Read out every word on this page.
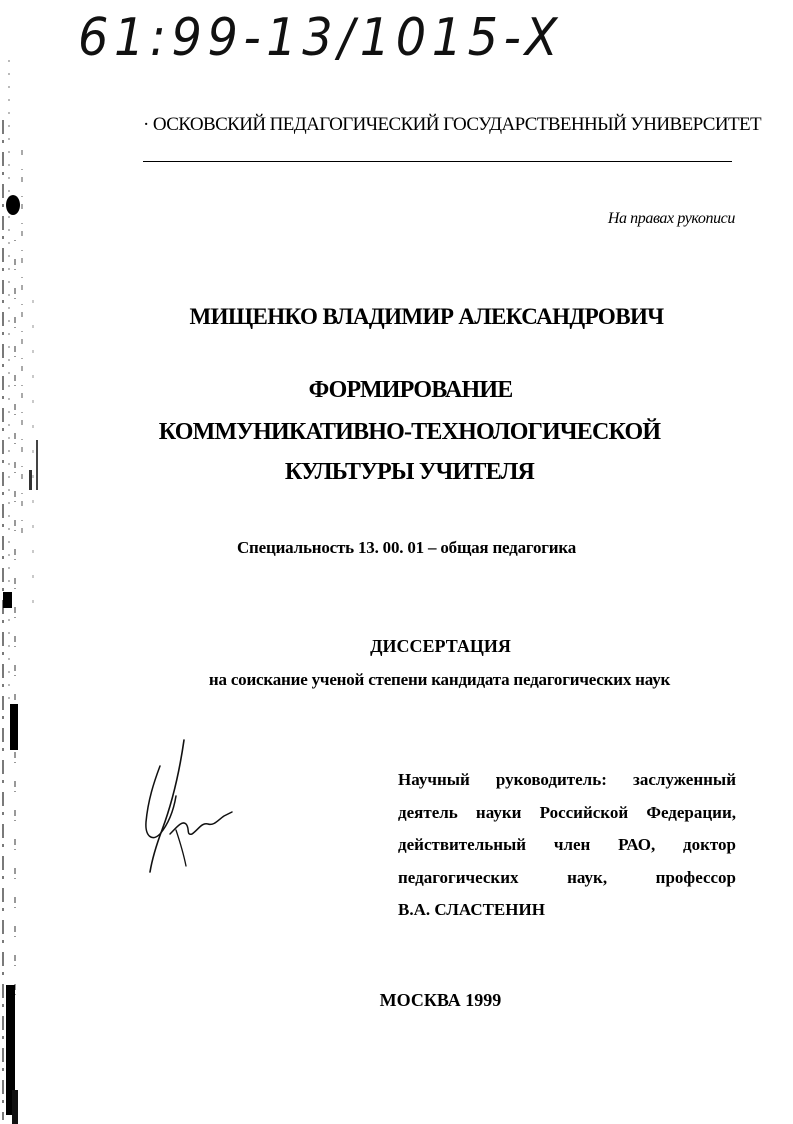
61:99-13/1015-X
· ОСКОВСКИЙ ПЕДАГОГИЧЕСКИЙ ГОСУДАРСТВЕННЫЙ УНИВЕРСИТЕТ
На правах рукописи
МИЩЕНКО ВЛАДИМИР АЛЕКСАНДРОВИЧ
ФОРМИРОВАНИЕ
КОММУНИКАТИВНО-ТЕХНОЛОГИЧЕСКОЙ
КУЛЬТУРЫ УЧИТЕЛЯ
Специальность 13. 00. 01 – общая педагогика
ДИССЕРТАЦИЯ
на соискание ученой степени кандидата педагогических наук
Научный руководитель: заслуженный
деятель науки Российской Федерации,
действительный член РАО, доктор
педагогических наук, профессор
В.А. СЛАСТЕНИН
МОСКВА 1999
